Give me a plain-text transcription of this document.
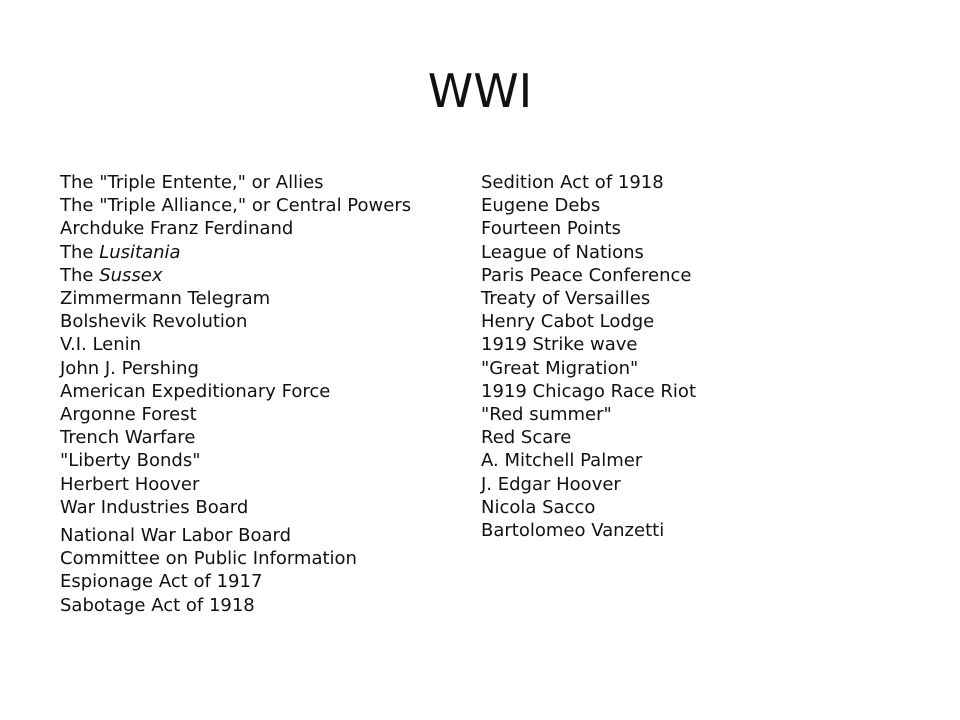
WWI
The "Triple Entente," or Allies
The "Triple Alliance," or Central Powers
Archduke Franz Ferdinand
The Lusitania
The Sussex
Zimmermann Telegram
Bolshevik Revolution
V.I. Lenin
John J. Pershing
American Expeditionary Force
Argonne Forest
Trench Warfare
"Liberty Bonds"
Herbert Hoover
War Industries Board
National War Labor Board
Committee on Public Information
Espionage Act of 1917
Sabotage Act of 1918
Sedition Act of 1918
Eugene Debs
Fourteen Points
League of Nations
Paris Peace Conference
Treaty of Versailles
Henry Cabot Lodge
1919 Strike wave
"Great Migration"
1919 Chicago Race Riot
"Red summer"
Red Scare
A. Mitchell Palmer
J. Edgar Hoover
Nicola Sacco
Bartolomeo Vanzetti
